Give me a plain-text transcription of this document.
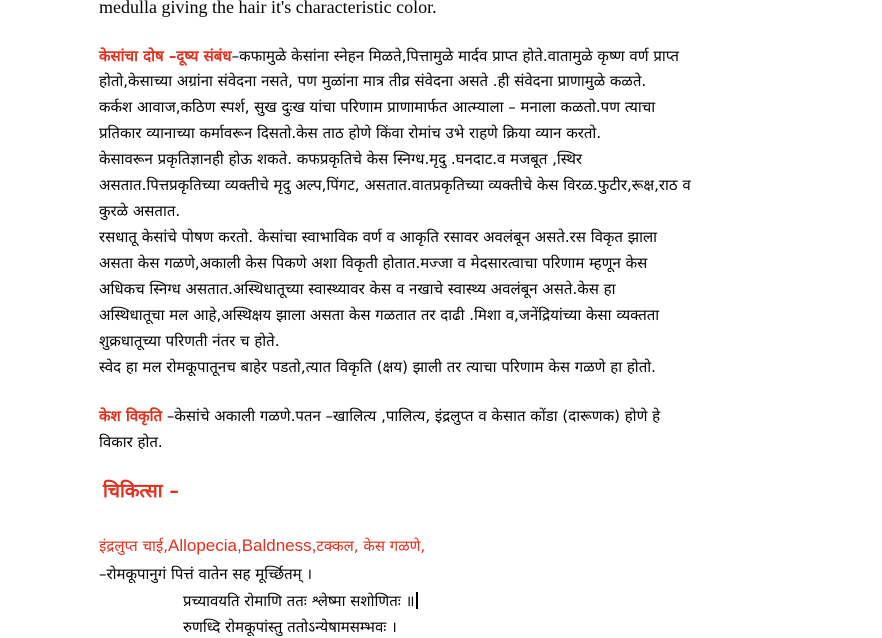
medulla giving the hair it's characteristic color.
केसांचा दोष –दूष्य संबंध–कफामुळे केसांना स्नेहन मिळते,पित्तामुळे मार्दव प्राप्त होते.वातामुळे कृष्ण वर्ण प्राप्त
होतो,केसाच्या अग्रांना संवेदना नसते, पण मुळांना मात्र तीव्र संवेदना असते .ही संवेदना प्राणामुळे कळते.
कर्कश आवाज,कठिण स्पर्श, सुख दुःख यांचा परिणाम प्राणामार्फत आत्म्याला – मनाला कळतो.पण त्याचा
प्रतिकार व्यानाच्या कर्मावरून दिसतो.केस ताठ होणे किंवा रोमांच उभे राहणे क्रिया व्यान करतो.
केसावरून प्रकृतिज्ञानही होऊ शकते. कफप्रकृतिचे केस स्निग्ध.मृदु .घनदाट.व मजबूत ,स्थिर
असतात.पित्तप्रकृतिच्या व्यक्तीचे मृदु अल्प,पिंगट, असतात.वातप्रकृतिच्या व्यक्तीचे केस विरळ.फुटीर,रूक्ष,राठ व
कुरळे असतात.
रसधातू केसांचे पोषण करतो. केसांचा स्वाभाविक वर्ण व आकृति रसावर अवलंबून असते.रस विकृत झाला
असता केस गळणे,अकाली केस पिकणे अशा विकृती होतात.मज्जा व मेदसारत्वाचा परिणाम म्हणून केस
अधिकच स्निग्ध असतात.अस्थिधातूच्या स्वास्थ्यावर केस व नखाचे स्वास्थ्य अवलंबून असते.केस हा
अस्थिधातूचा मल आहे,अस्थिक्षय झाला असता केस गळतात तर दाढी .मिशा व,जनेंद्रियांच्या केसा व्यक्तता
शुक्रधातूच्या परिणती नंतर च होते.
स्वेद हा मल रोमकूपातूनच बाहेर पडतो,त्यात विकृति (क्षय) झाली तर त्याचा परिणाम केस गळणे हा होतो.
केश विकृति –केसांचे अकाली गळणे.पतन –खालित्य ,पालित्य, इंद्रलुप्त व केसात कोंडा (दारूणक) होणे हे
विकार होत.
चिकित्सा –
इंद्रलुप्त चाई,Allopecia,Baldness,टक्कल, केस गळणे,
–रोमकूपानुगं पित्तं वातेन सह मूर्च्छितम् ।
प्रच्यावयति रोमाणि ततः श्लेष्मा सशोणितः ॥
रुणध्दि रोमकूपांस्तु ततोऽन्येषामसम्भवः ।
